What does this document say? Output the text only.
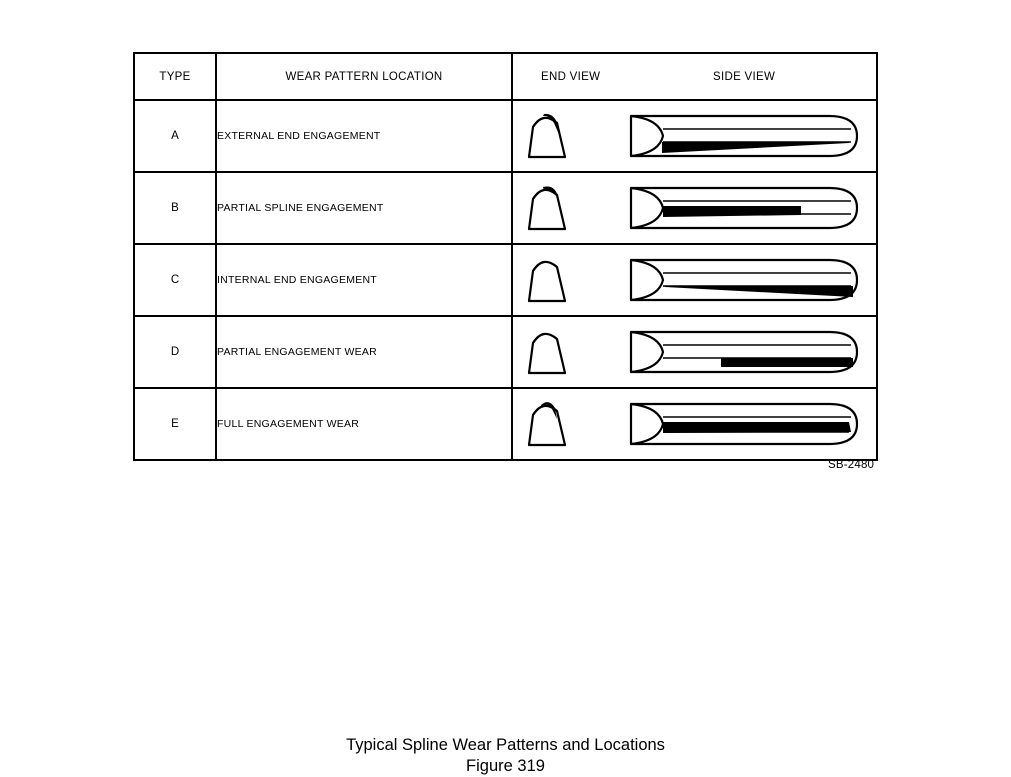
TYPE	WEAR PATTERN LOCATION	END VIEW SIDE VIEW

A	EXTERNAL END ENGAGEMENT	

B	PARTIAL SPLINE ENGAGEMENT	

C	INTERNAL END ENGAGEMENT	

D	PARTIAL ENGAGEMENT WEAR	

E	FULL ENGAGEMENT WEAR	
SB-2480
Typical Spline Wear Patterns and Locations
Figure 319
